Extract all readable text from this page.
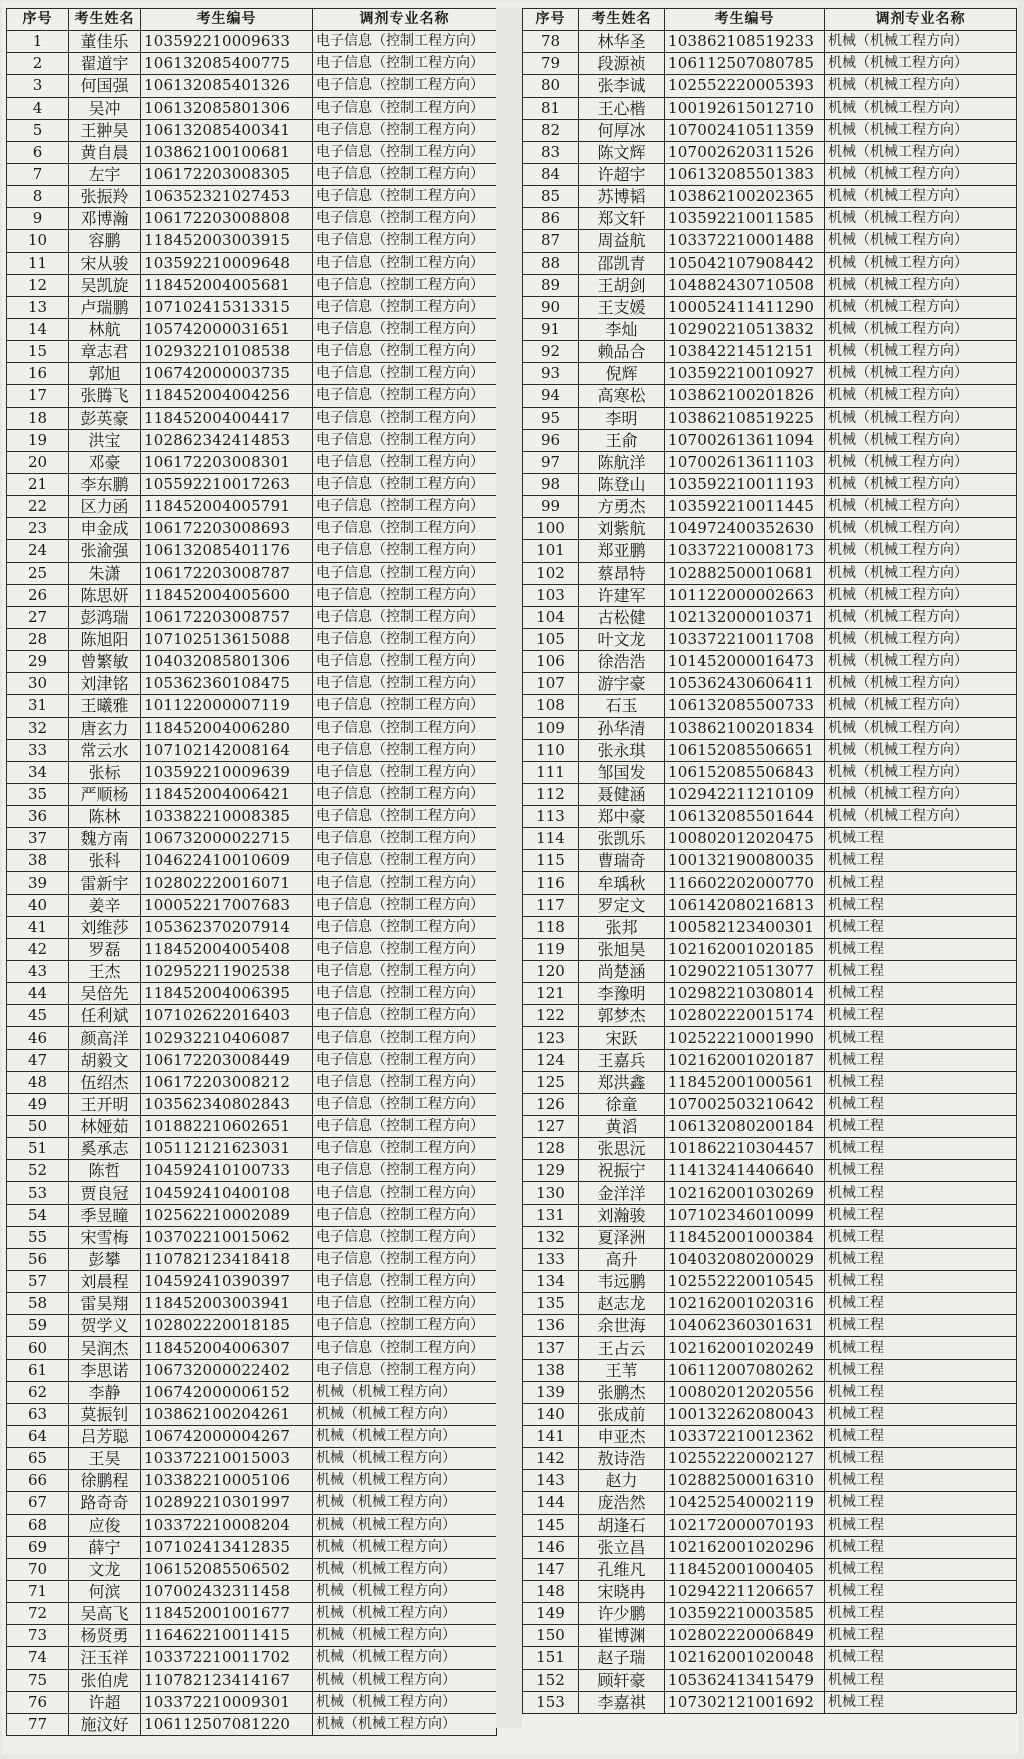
序号	考生姓名	考生编号	调剂专业名称
1	董佳乐	103592210009633	电子信息（控制工程方向）
2	翟道宇	106132085400775	电子信息（控制工程方向）
3	何国强	106132085401326	电子信息（控制工程方向）
4	吴冲	106132085801306	电子信息（控制工程方向）
5	王翀昊	106132085400341	电子信息（控制工程方向）
6	黄自晨	103862100100681	电子信息（控制工程方向）
7	左宇	106172203008305	电子信息（控制工程方向）
8	张振羚	106352321027453	电子信息（控制工程方向）
9	邓博瀚	106172203008808	电子信息（控制工程方向）
10	容鹏	118452003003915	电子信息（控制工程方向）
11	宋从骏	103592210009648	电子信息（控制工程方向）
12	吴凯旋	118452004005681	电子信息（控制工程方向）
13	卢瑞鹏	107102415313315	电子信息（控制工程方向）
14	林航	105742000031651	电子信息（控制工程方向）
15	章志君	102932210108538	电子信息（控制工程方向）
16	郭旭	106742000003735	电子信息（控制工程方向）
17	张腾飞	118452004004256	电子信息（控制工程方向）
18	彭英豪	118452004004417	电子信息（控制工程方向）
19	洪宝	102862342414853	电子信息（控制工程方向）
20	邓豪	106172203008301	电子信息（控制工程方向）
21	李东鹏	105592210017263	电子信息（控制工程方向）
22	区力函	118452004005791	电子信息（控制工程方向）
23	申金成	106172203008693	电子信息（控制工程方向）
24	张渝强	106132085401176	电子信息（控制工程方向）
25	朱潇	106172203008787	电子信息（控制工程方向）
26	陈思妍	118452004005600	电子信息（控制工程方向）
27	彭鸿瑞	106172203008757	电子信息（控制工程方向）
28	陈旭阳	107102513615088	电子信息（控制工程方向）
29	曾繁敏	104032085801306	电子信息（控制工程方向）
30	刘津铭	105362360108475	电子信息（控制工程方向）
31	王曦雅	101122000007119	电子信息（控制工程方向）
32	唐玄力	118452004006280	电子信息（控制工程方向）
33	常云水	107102142008164	电子信息（控制工程方向）
34	张标	103592210009639	电子信息（控制工程方向）
35	严顺杨	118452004006421	电子信息（控制工程方向）
36	陈林	103382210008385	电子信息（控制工程方向）
37	魏方南	106732000022715	电子信息（控制工程方向）
38	张科	104622410010609	电子信息（控制工程方向）
39	雷新宇	102802220016071	电子信息（控制工程方向）
40	姜辛	100052217007683	电子信息（控制工程方向）
41	刘维莎	105362370207914	电子信息（控制工程方向）
42	罗磊	118452004005408	电子信息（控制工程方向）
43	王杰	102952211902538	电子信息（控制工程方向）
44	吴倍先	118452004006395	电子信息（控制工程方向）
45	任利斌	107102622016403	电子信息（控制工程方向）
46	颜高洋	102932210406087	电子信息（控制工程方向）
47	胡毅文	106172203008449	电子信息（控制工程方向）
48	伍绍杰	106172203008212	电子信息（控制工程方向）
49	王开明	103562340802843	电子信息（控制工程方向）
50	林娅茹	101882210602651	电子信息（控制工程方向）
51	奚承志	105112121623031	电子信息（控制工程方向）
52	陈哲	104592410100733	电子信息（控制工程方向）
53	贾良冠	104592410400108	电子信息（控制工程方向）
54	季昱瞳	102562210002089	电子信息（控制工程方向）
55	宋雪梅	103702210015062	电子信息（控制工程方向）
56	彭攀	110782123418418	电子信息（控制工程方向）
57	刘晨程	104592410390397	电子信息（控制工程方向）
58	雷昊翔	118452003003941	电子信息（控制工程方向）
59	贺学义	102802220018185	电子信息（控制工程方向）
60	吴润杰	118452004006307	电子信息（控制工程方向）
61	李思诺	106732000022402	电子信息（控制工程方向）
62	李静	106742000006152	机械（机械工程方向）
63	莫振钊	103862100204261	机械（机械工程方向）
64	吕芳聪	106742000004267	机械（机械工程方向）
65	王昊	103372210015003	机械（机械工程方向）
66	徐鹏程	103382210005106	机械（机械工程方向）
67	路奇奇	102892210301997	机械（机械工程方向）
68	应俊	103372210008204	机械（机械工程方向）
69	薛宁	107102413412835	机械（机械工程方向）
70	文龙	106152085506502	机械（机械工程方向）
71	何滨	107002432311458	机械（机械工程方向）
72	吴高飞	118452001001677	机械（机械工程方向）
73	杨贤勇	116462210011415	机械（机械工程方向）
74	汪玉祥	103372210011702	机械（机械工程方向）
75	张伯虎	110782123414167	机械（机械工程方向）
76	许超	103372210009301	机械（机械工程方向）
77	施汶好	106112507081220	机械（机械工程方向）
序号	考生姓名	考生编号	调剂专业名称
78	林华圣	103862108519233	机械（机械工程方向）
79	段源祯	106112507080785	机械（机械工程方向）
80	张李诚	102552220005393	机械（机械工程方向）
81	王心楷	100192615012710	机械（机械工程方向）
82	何厚冰	107002410511359	机械（机械工程方向）
83	陈文辉	107002620311526	机械（机械工程方向）
84	许超宇	106132085501383	机械（机械工程方向）
85	苏博韬	103862100202365	机械（机械工程方向）
86	郑文轩	103592210011585	机械（机械工程方向）
87	周益航	103372210001488	机械（机械工程方向）
88	邵凯青	105042107908442	机械（机械工程方向）
89	王胡剑	104882430710508	机械（机械工程方向）
90	王支媛	100052411411290	机械（机械工程方向）
91	李灿	102902210513832	机械（机械工程方向）
92	赖品合	103842214512151	机械（机械工程方向）
93	倪辉	103592210010927	机械（机械工程方向）
94	高寒松	103862100201826	机械（机械工程方向）
95	李明	103862108519225	机械（机械工程方向）
96	王俞	107002613611094	机械（机械工程方向）
97	陈航洋	107002613611103	机械（机械工程方向）
98	陈登山	103592210011193	机械（机械工程方向）
99	方勇杰	103592210011445	机械（机械工程方向）
100	刘紫航	104972400352630	机械（机械工程方向）
101	郑亚鹏	103372210008173	机械（机械工程方向）
102	蔡昂特	102882500010681	机械（机械工程方向）
103	许建军	101122000002663	机械（机械工程方向）
104	古松健	102132000010371	机械（机械工程方向）
105	叶文龙	103372210011708	机械（机械工程方向）
106	徐浩浩	101452000016473	机械（机械工程方向）
107	游宇豪	105362430606411	机械（机械工程方向）
108	石玉	106132085500733	机械（机械工程方向）
109	孙华清	103862100201834	机械（机械工程方向）
110	张永琪	106152085506651	机械（机械工程方向）
111	邹国发	106152085506843	机械（机械工程方向）
112	聂健涵	102942211210109	机械（机械工程方向）
113	郑中豪	106132085501644	机械（机械工程方向）
114	张凯乐	100802012020475	机械工程
115	曹瑞奇	100132190080035	机械工程
116	牟瑀秋	116602202000770	机械工程
117	罗定文	106142080216813	机械工程
118	张邦	100582123400301	机械工程
119	张旭昊	102162001020185	机械工程
120	尚楚涵	102902210513077	机械工程
121	李豫明	102982210308014	机械工程
122	郭梦杰	102802220015174	机械工程
123	宋跃	102522210001990	机械工程
124	王嘉兵	102162001020187	机械工程
125	郑洪鑫	118452001000561	机械工程
126	徐童	107002503210642	机械工程
127	黄滔	106132080200184	机械工程
128	张思沅	101862210304457	机械工程
129	祝振宁	114132414406640	机械工程
130	金洋洋	102162001030269	机械工程
131	刘瀚骏	107102346010099	机械工程
132	夏泽洲	118452001000384	机械工程
133	高升	104032080200029	机械工程
134	韦远鹏	102552220010545	机械工程
135	赵志龙	102162001020316	机械工程
136	余世海	104062360301631	机械工程
137	王占云	102162001020249	机械工程
138	王苇	106112007080262	机械工程
139	张鹏杰	100802012020556	机械工程
140	张成前	100132262080043	机械工程
141	申亚杰	103372210012362	机械工程
142	敖诗浩	102552220002127	机械工程
143	赵力	102882500016310	机械工程
144	庞浩然	104252540002119	机械工程
145	胡逢石	102172000070193	机械工程
146	张立昌	102162001020296	机械工程
147	孔维凡	118452001000405	机械工程
148	宋晓冉	102942211206657	机械工程
149	许少鹏	103592210003585	机械工程
150	崔博渊	102802220006849	机械工程
151	赵子瑞	102162001020048	机械工程
152	顾轩豪	105362413415479	机械工程
153	李嘉祺	107302121001692	机械工程
